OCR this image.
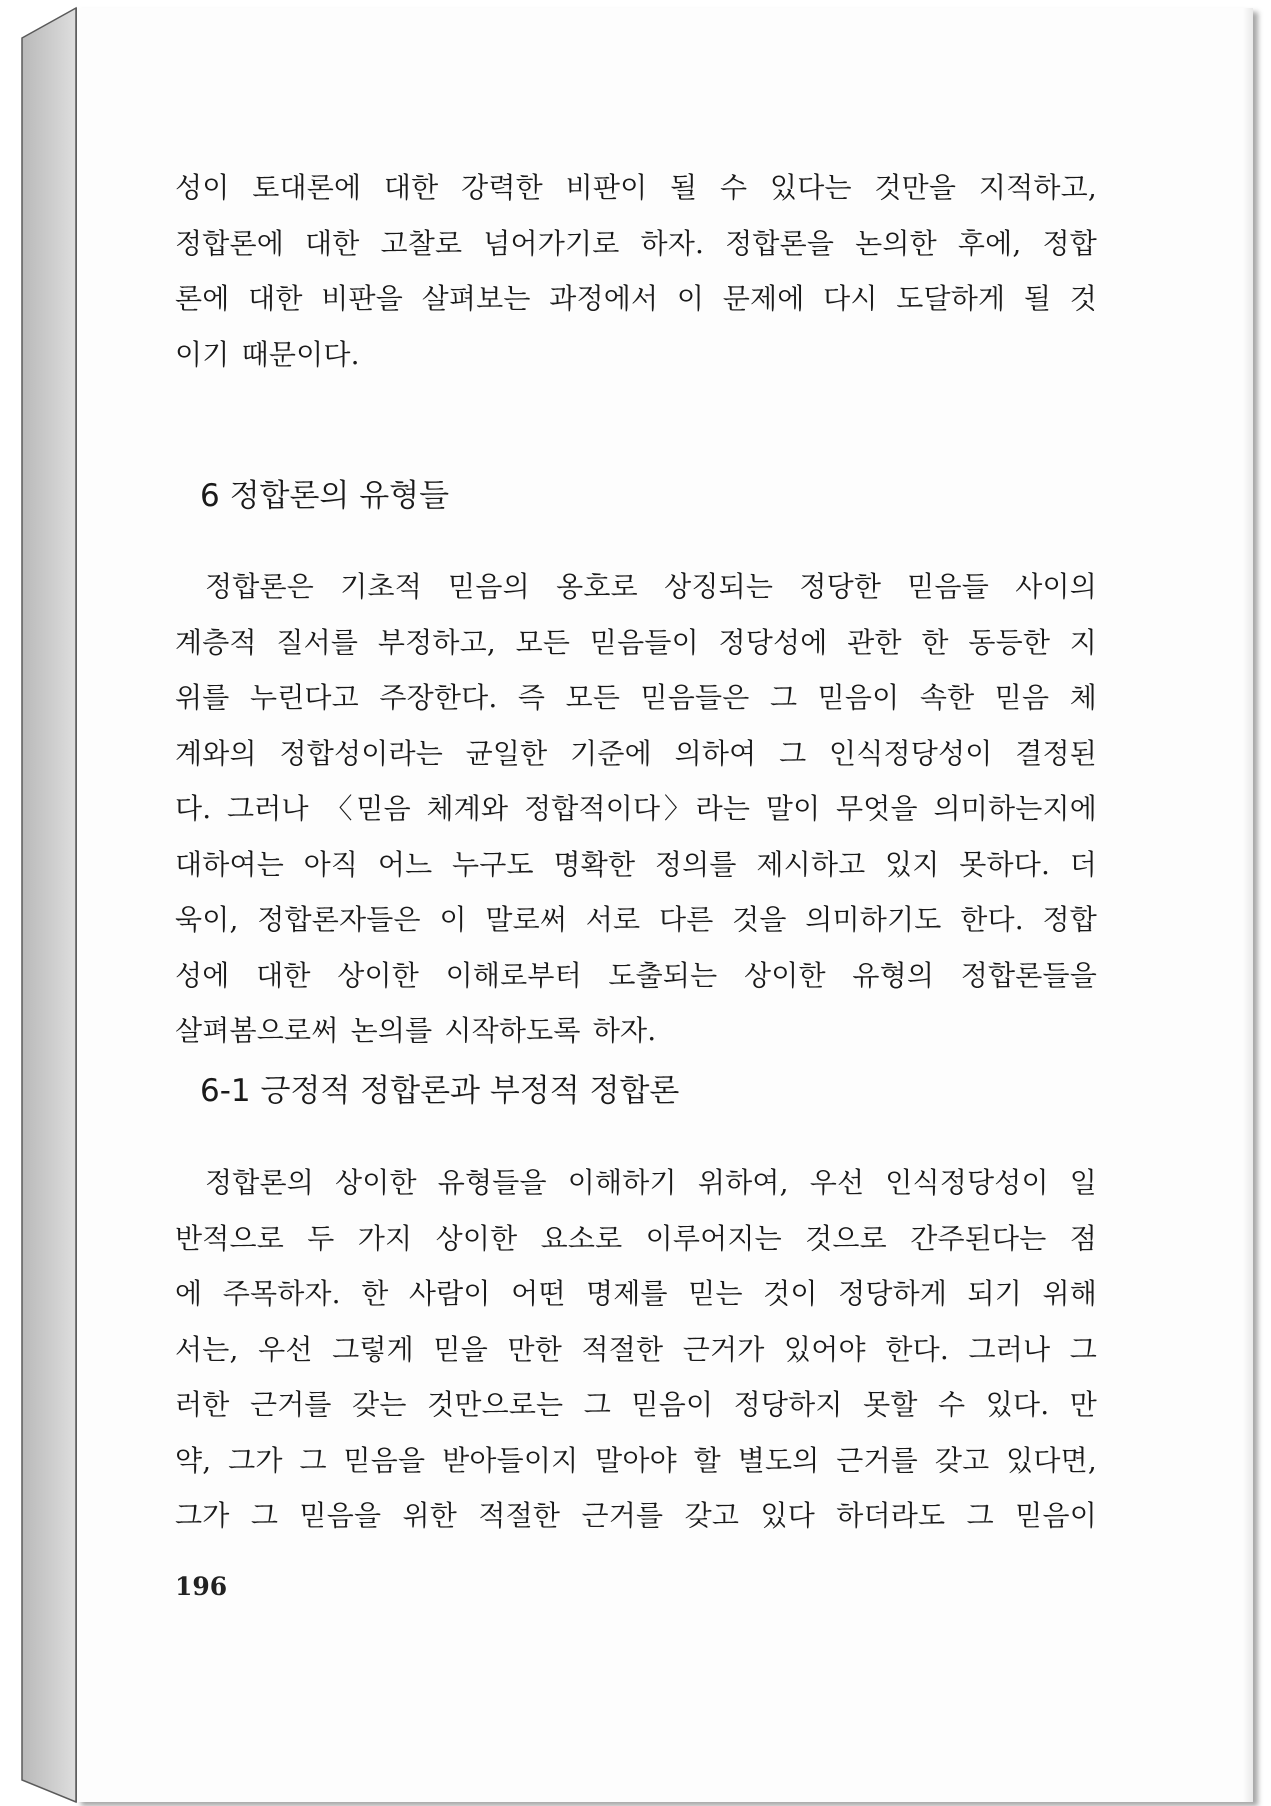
성이 토대론에 대한 강력한 비판이 될 수 있다는 것만을 지적하고,
정합론에 대한 고찰로 넘어가기로 하자. 정합론을 논의한 후에, 정합
론에 대한 비판을 살펴보는 과정에서 이 문제에 다시 도달하게 될 것
이기 때문이다.

6 정합론의 유형들

정합론은 기초적 믿음의 옹호로 상징되는 정당한 믿음들 사이의
계층적 질서를 부정하고, 모든 믿음들이 정당성에 관한 한 동등한 지
위를 누린다고 주장한다. 즉 모든 믿음들은 그 믿음이 속한 믿음 체
계와의 정합성이라는 균일한 기준에 의하여 그 인식정당성이 결정된
다. 그러나 〈믿음 체계와 정합적이다〉라는 말이 무엇을 의미하는지에
대하여는 아직 어느 누구도 명확한 정의를 제시하고 있지 못하다. 더
욱이, 정합론자들은 이 말로써 서로 다른 것을 의미하기도 한다. 정합
성에 대한 상이한 이해로부터 도출되는 상이한 유형의 정합론들을
살펴봄으로써 논의를 시작하도록 하자.

6-1 긍정적 정합론과 부정적 정합론

정합론의 상이한 유형들을 이해하기 위하여, 우선 인식정당성이 일
반적으로 두 가지 상이한 요소로 이루어지는 것으로 간주된다는 점
에 주목하자. 한 사람이 어떤 명제를 믿는 것이 정당하게 되기 위해
서는, 우선 그렇게 믿을 만한 적절한 근거가 있어야 한다. 그러나 그
러한 근거를 갖는 것만으로는 그 믿음이 정당하지 못할 수 있다. 만
약, 그가 그 믿음을 받아들이지 말아야 할 별도의 근거를 갖고 있다면,
그가 그 믿음을 위한 적절한 근거를 갖고 있다 하더라도 그 믿음이

196
